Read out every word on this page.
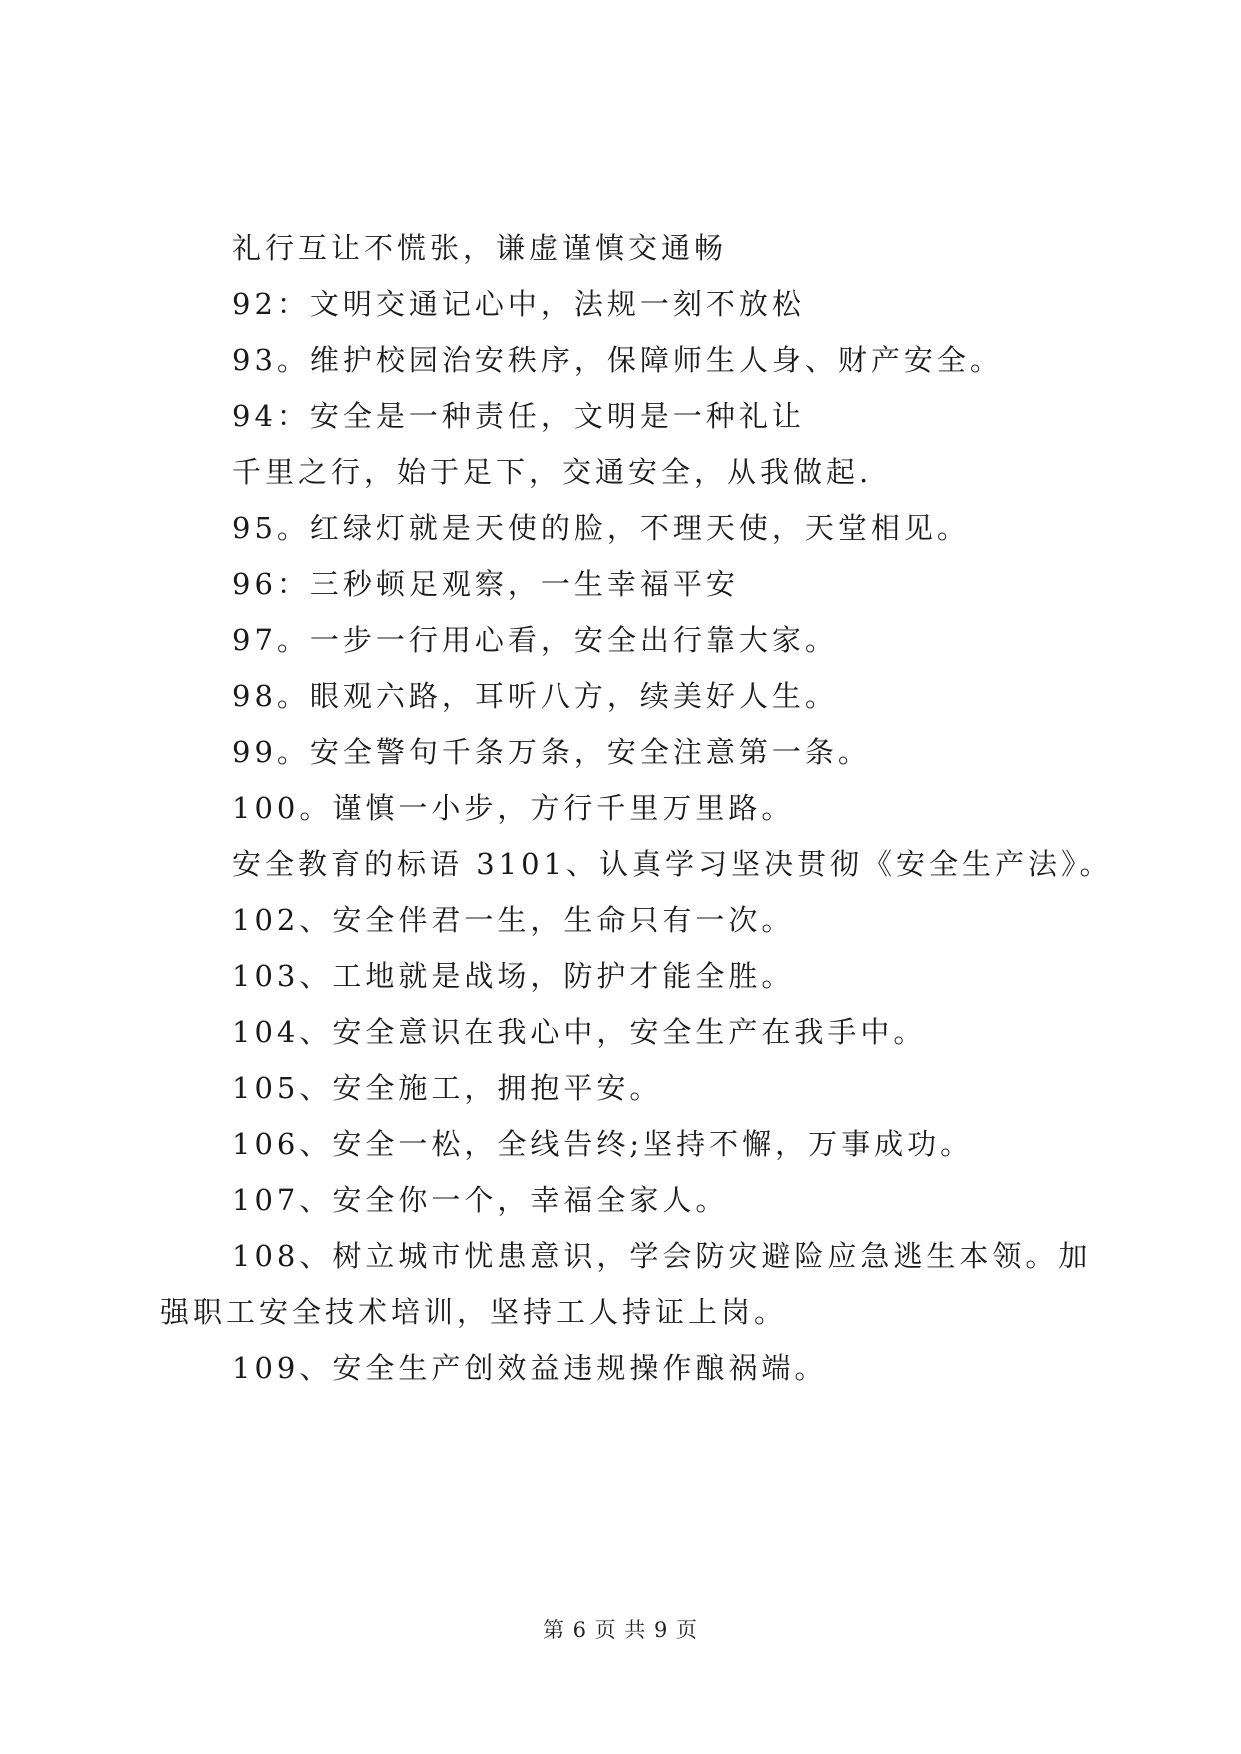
礼行互让不慌张，谦虚谨慎交通畅
92：文明交通记心中，法规一刻不放松
93。维护校园治安秩序，保障师生人身、财产安全。
94：安全是一种责任，文明是一种礼让
千里之行，始于足下，交通安全，从我做起.
95。红绿灯就是天使的脸，不理天使，天堂相见。
96：三秒顿足观察，一生幸福平安
97。一步一行用心看，安全出行靠大家。
98。眼观六路，耳听八方，续美好人生。
99。安全警句千条万条，安全注意第一条。
100。谨慎一小步，方行千里万里路。
安全教育的标语 3101、认真学习坚决贯彻《安全生产法》。
102、安全伴君一生，生命只有一次。
103、工地就是战场，防护才能全胜。
104、安全意识在我心中，安全生产在我手中。
105、安全施工，拥抱平安。
106、安全一松，全线告终;坚持不懈，万事成功。
107、安全你一个，幸福全家人。
108、树立城市忧患意识，学会防灾避险应急逃生本领。加
强职工安全技术培训，坚持工人持证上岗。
109、安全生产创效益违规操作酿祸端。
第 6 页 共 9 页
